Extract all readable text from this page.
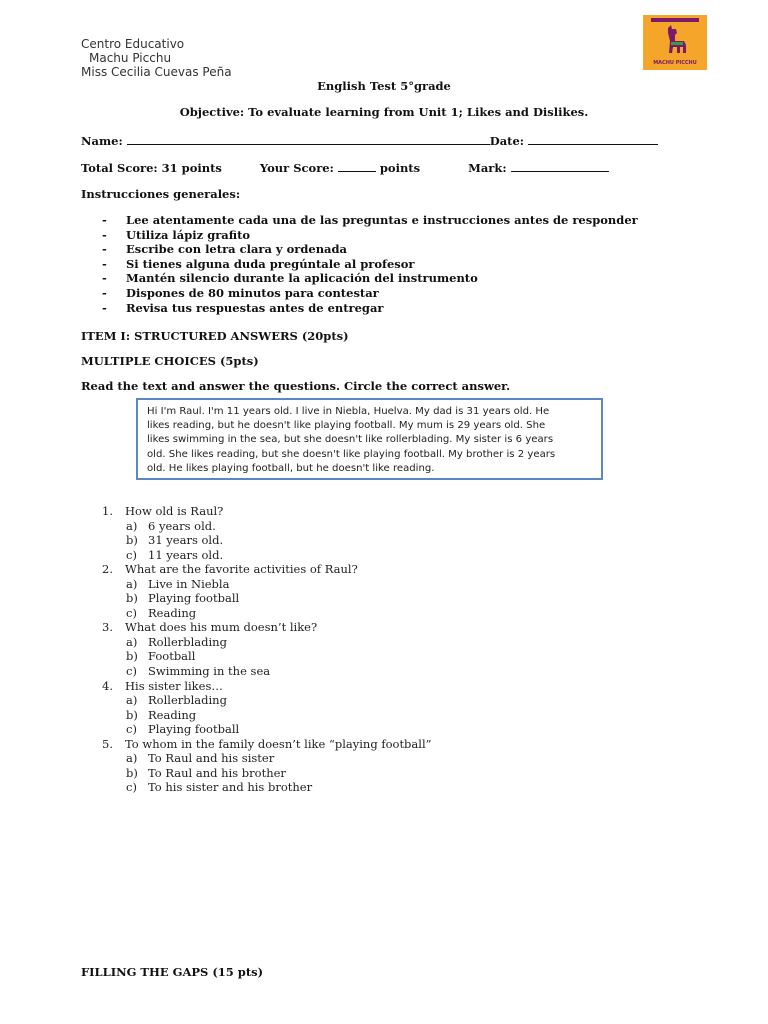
Centro Educativo
Machu Picchu
Miss Cecilia Cuevas Peña
MACHU PICCHU
English Test 5°grade
Objective: To evaluate learning from Unit 1; Likes and Dislikes.
Name:	Date:
Total Score: 31 points	Your Score:	points	Mark:
Instrucciones generales:
- Lee atentamente cada una de las preguntas e instrucciones antes de responder
- Utiliza lápiz grafito
- Escribe con letra clara y ordenada
- Si tienes alguna duda pregúntale al profesor
- Mantén silencio durante la aplicación del instrumento
- Dispones de 80 minutos para contestar
- Revisa tus respuestas antes de entregar
ITEM I: STRUCTURED ANSWERS (20pts)
MULTIPLE CHOICES (5pts)
Read the text and answer the questions. Circle the correct answer.
Hi I'm Raul. I'm 11 years old. I live in Niebla, Huelva. My dad is 31 years old. He
likes reading, but he doesn't like playing football. My mum is 29 years old. She
likes swimming in the sea, but she doesn't like rollerblading. My sister is 6 years
old. She likes reading, but she doesn't like playing football. My brother is 2 years
old. He likes playing football, but he doesn't like reading.
1. How old is Raul?
a) 6 years old.
b) 31 years old.
c) 11 years old.
2. What are the favorite activities of Raul?
a) Live in Niebla
b) Playing football
c) Reading
3. What does his mum doesn’t like?
a) Rollerblading
b) Football
c) Swimming in the sea
4. His sister likes…
a) Rollerblading
b) Reading
c) Playing football
5. To whom in the family doesn’t like “playing football”
a) To Raul and his sister
b) To Raul and his brother
c) To his sister and his brother
FILLING THE GAPS (15 pts)
